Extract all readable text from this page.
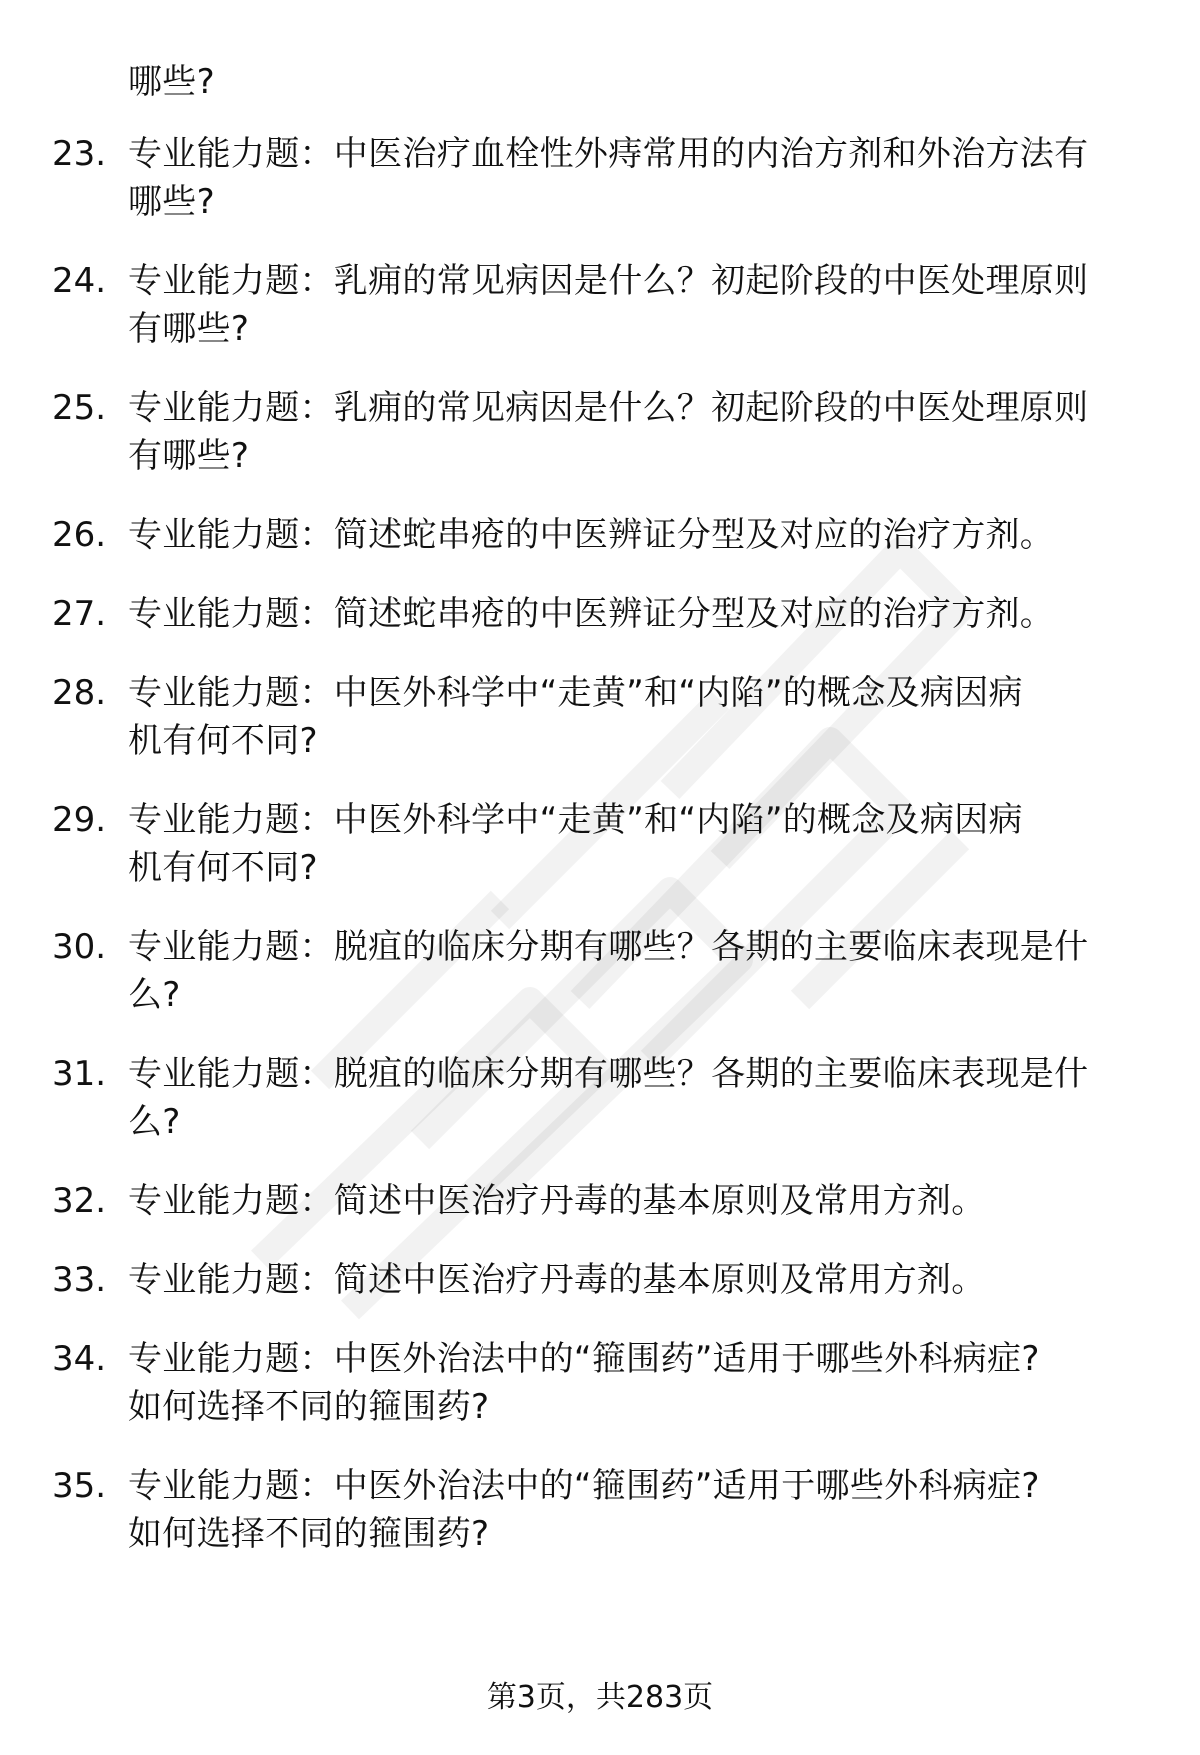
哪些?
23. 专业能力题：中医治疗血栓性外痔常用的内治方剂和外治方法有
哪些?
24. 专业能力题：乳痈的常见病因是什么？初起阶段的中医处理原则
有哪些?
25. 专业能力题：乳痈的常见病因是什么？初起阶段的中医处理原则
有哪些?
26. 专业能力题：简述蛇串疮的中医辨证分型及对应的治疗方剂。
27. 专业能力题：简述蛇串疮的中医辨证分型及对应的治疗方剂。
28. 专业能力题：中医外科学中“走黄”和“内陷”的概念及病因病
机有何不同?
29. 专业能力题：中医外科学中“走黄”和“内陷”的概念及病因病
机有何不同?
30. 专业能力题：脱疽的临床分期有哪些？各期的主要临床表现是什
么?
31. 专业能力题：脱疽的临床分期有哪些？各期的主要临床表现是什
么?
32. 专业能力题：简述中医治疗丹毒的基本原则及常用方剂。
33. 专业能力题：简述中医治疗丹毒的基本原则及常用方剂。
34. 专业能力题：中医外治法中的“箍围药”适用于哪些外科病症?
如何选择不同的箍围药?
35. 专业能力题：中医外治法中的“箍围药”适用于哪些外科病症?
如何选择不同的箍围药?
第3页，共283页
